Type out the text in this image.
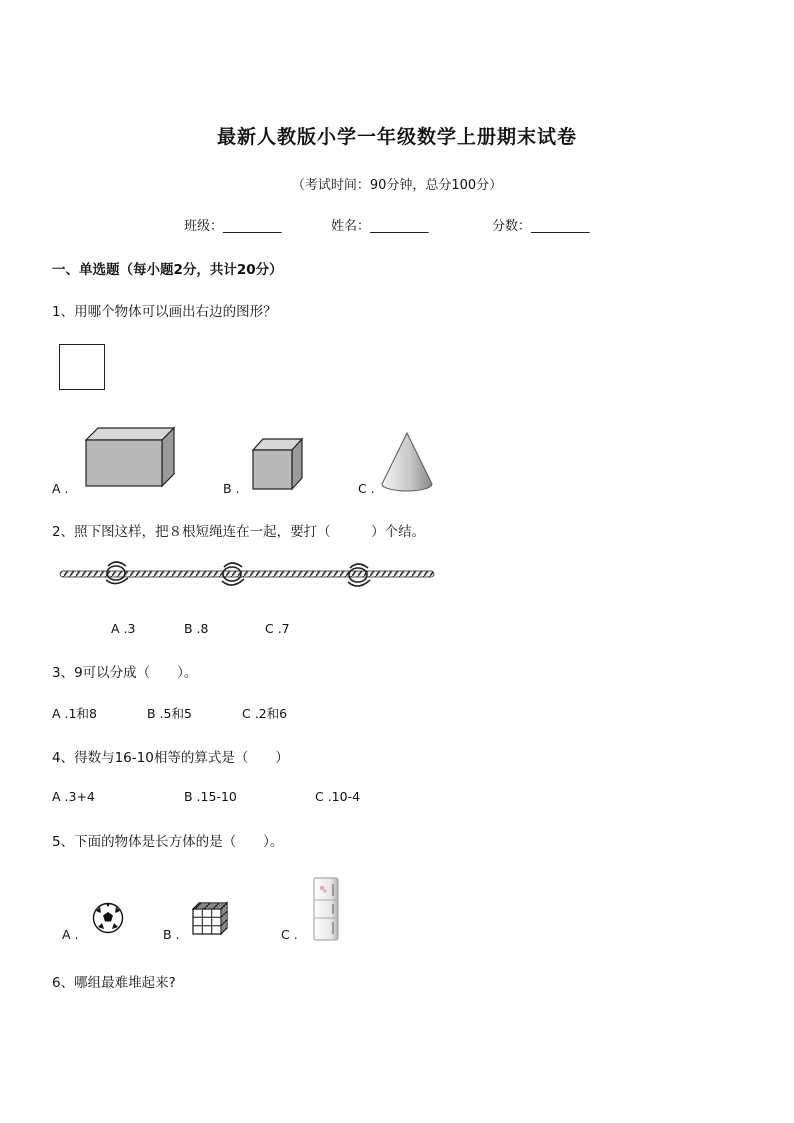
最新人教版小学一年级数学上册期末试卷
（考试时间：90分钟，总分100分）
班级：_________	姓名：_________	分数：_________
一、单选题（每小题2分，共计20分）
1、用哪个物体可以画出右边的图形？
A .	B .	C .
2、照下图这样，把８根短绳连在一起，要打（　　　）个结。
A .3	B .8	C .7
3、9可以分成（　　）。
A .1和8	B .5和5	C .2和6
4、得数与16-10相等的算式是（　　）
A .3+4	B .15-10	C .10-4
5、下面的物体是长方体的是（　　）。
A .	B .	C .
6、哪组最难堆起来?
